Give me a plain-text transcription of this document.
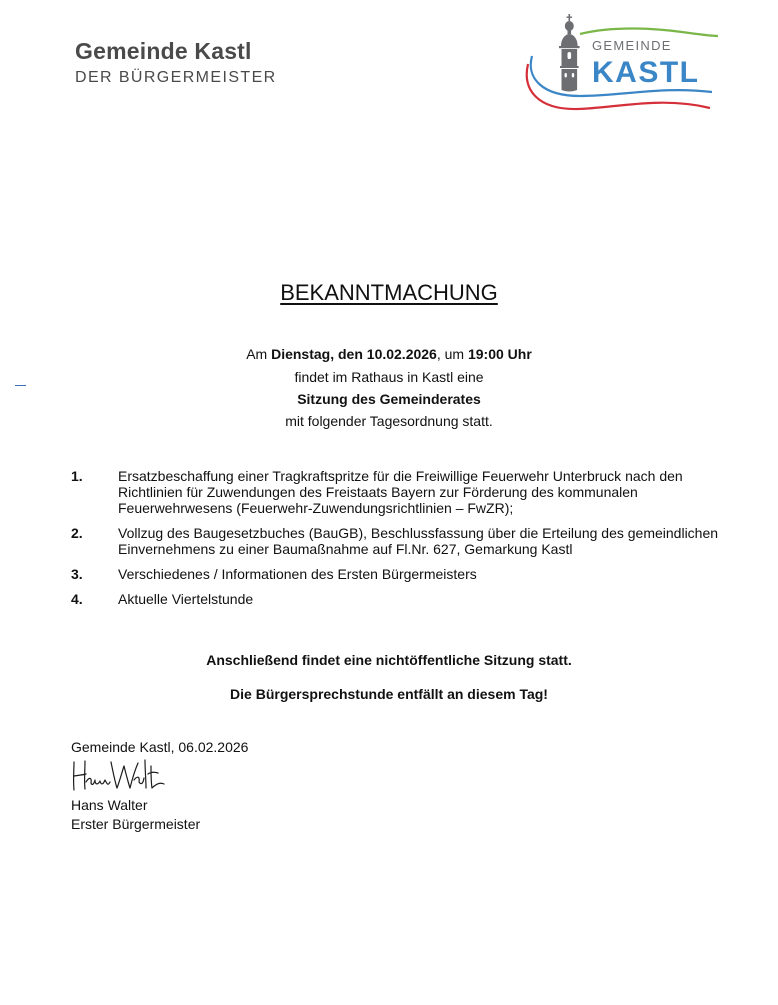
Gemeinde Kastl
DER BÜRGERMEISTER
GEMEINDE
KASTL
BEKANNTMACHUNG
Am Dienstag, den 10.02.2026, um 19:00 Uhr
findet im Rathaus in Kastl eine
Sitzung des Gemeinderates
mit folgender Tagesordnung statt.
1.	Ersatzbeschaffung einer Tragkraftspritze für die Freiwillige Feuerwehr Unterbruck nach den Richtlinien für Zuwendungen des Freistaats Bayern zur Förderung des kommunalen Feuerwehrwesens (Feuerwehr-Zuwendungsrichtlinien – FwZR);
2.	Vollzug des Baugesetzbuches (BauGB), Beschlussfassung über die Erteilung des gemeindlichen Einvernehmens zu einer Baumaßnahme auf Fl.Nr. 627, Gemarkung Kastl
3.	Verschiedenes / Informationen des Ersten Bürgermeisters
4.	Aktuelle Viertelstunde
Anschließend findet eine nichtöffentliche Sitzung statt.
Die Bürgersprechstunde entfällt an diesem Tag!
Gemeinde Kastl, 06.02.2026
Hans Walter
Erster Bürgermeister
